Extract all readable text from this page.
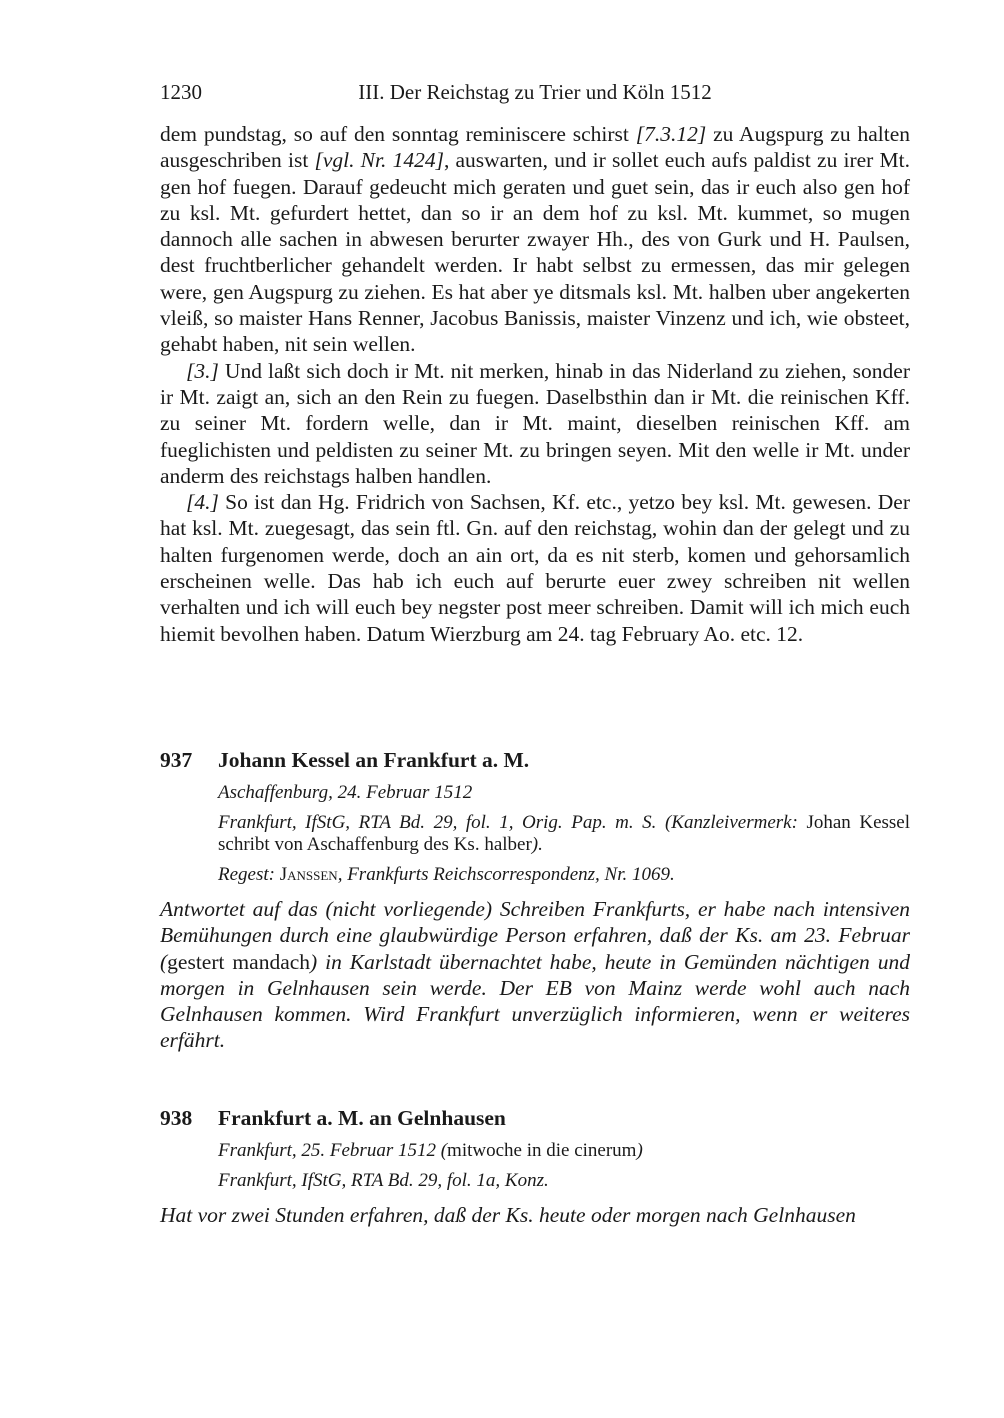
1230	III. Der Reichstag zu Trier und Köln 1512

dem pundstag, so auf den sonntag reminiscere schirst [7.3.12] zu Augspurg zu halten ausgeschriben ist [vgl. Nr. 1424], auswarten, und ir sollet euch aufs paldist zu irer Mt. gen hof fuegen. Darauf gedeucht mich geraten und guet sein, das ir euch also gen hof zu ksl. Mt. gefurdert hettet, dan so ir an dem hof zu ksl. Mt. kummet, so mugen dannoch alle sachen in abwesen berurter zwayer Hh., des von Gurk und H. Paulsen, dest fruchtberlicher gehandelt werden. Ir habt selbst zu ermessen, das mir gelegen were, gen Augspurg zu ziehen. Es hat aber ye ditsmals ksl. Mt. halben uber angekerten vleiß, so maister Hans Renner, Jacobus Banissis, maister Vinzenz und ich, wie obsteet, gehabt haben, nit sein wellen.

[3.] Und laßt sich doch ir Mt. nit merken, hinab in das Niderland zu ziehen, sonder ir Mt. zaigt an, sich an den Rein zu fuegen. Daselbsthin dan ir Mt. die reinischen Kff. zu seiner Mt. fordern welle, dan ir Mt. maint, dieselben reinischen Kff. am fueglichisten und peldisten zu seiner Mt. zu bringen seyen. Mit den welle ir Mt. under anderm des reichstags halben handlen.

[4.] So ist dan Hg. Fridrich von Sachsen, Kf. etc., yetzo bey ksl. Mt. gewesen. Der hat ksl. Mt. zuegesagt, das sein ftl. Gn. auf den reichstag, wohin dan der gelegt und zu halten furgenomen werde, doch an ain ort, da es nit sterb, komen und gehorsamlich erscheinen welle. Das hab ich euch auf berurte euer zwey schreiben nit wellen verhalten und ich will euch bey negster post meer schreiben. Damit will ich mich euch hiemit bevolhen haben. Datum Wierzburg am 24. tag February Ao. etc. 12.

937 Johann Kessel an Frankfurt a. M.

Aschaffenburg, 24. Februar 1512

Frankfurt, IfStG, RTA Bd. 29, fol. 1, Orig. Pap. m. S. (Kanzleivermerk: Johan Kessel schribt von Aschaffenburg des Ks. halber).

Regest: Janssen, Frankfurts Reichscorrespondenz, Nr. 1069.

Antwortet auf das (nicht vorliegende) Schreiben Frankfurts, er habe nach intensiven Bemühungen durch eine glaubwürdige Person erfahren, daß der Ks. am 23. Februar (gestert mandach) in Karlstadt übernachtet habe, heute in Gemünden nächtigen und morgen in Gelnhausen sein werde. Der EB von Mainz werde wohl auch nach Gelnhausen kommen. Wird Frankfurt unverzüglich informieren, wenn er weiteres erfährt.

938 Frankfurt a. M. an Gelnhausen

Frankfurt, 25. Februar 1512 (mitwoche in die cinerum)

Frankfurt, IfStG, RTA Bd. 29, fol. 1a, Konz.

Hat vor zwei Stunden erfahren, daß der Ks. heute oder morgen nach Gelnhausen
